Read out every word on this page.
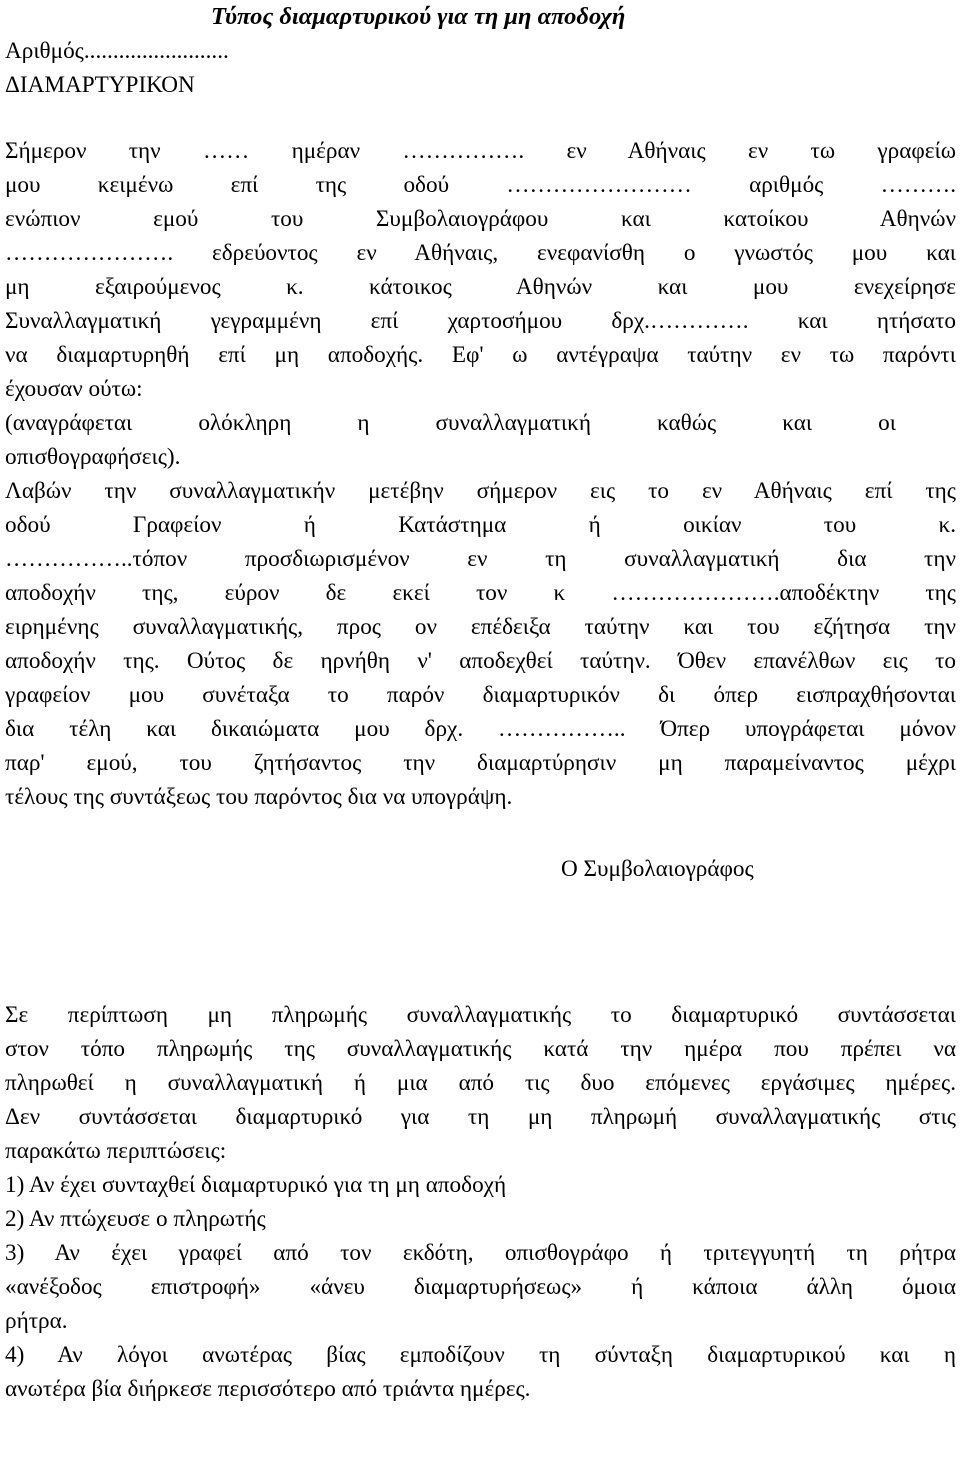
Τύπος διαμαρτυρικού για τη μη αποδοχή
Αριθμός.........................
ΔΙΑΜΑΡΤΥΡΙΚΟΝ
Σήμερον την …… ημέραν ……………. εν Αθήναις εν τω γραφείω
μου κειμένω επί της οδού …………………… αριθμός ……….
ενώπιον εμού του Συμβολαιογράφου και κατοίκου Αθηνών
…………………. εδρεύοντος εν Αθήναις, ενεφανίσθη ο γνωστός μου και
μη εξαιρούμενος κ. κάτοικος Αθηνών και μου ενεχείρησε
Συναλλαγματική γεγραμμένη επί χαρτοσήμου δρχ.…………. και ητήσατο
να διαμαρτυρηθή επί μη αποδοχής. Εφ' ω αντέγραψα ταύτην εν τω παρόντι
έχουσαν ούτω:
(αναγράφεται ολόκληρη η συναλλαγματική καθώς και οι
οπισθογραφήσεις).
Λαβών την συναλλαγματικήν μετέβην σήμερον εις το εν Αθήναις επί της
οδού Γραφείον ή Κατάστημα ή οικίαν του κ.
……………..τόπον προσδιωρισμένον εν τη συναλλαγματική δια την
αποδοχήν της, εύρον δε εκεί τον κ ………………….αποδέκτην της
ειρημένης συναλλαγματικής, προς ον επέδειξα ταύτην και του εζήτησα την
αποδοχήν της. Ούτος δε ηρνήθη ν' αποδεχθεί ταύτην. Όθεν επανέλθων εις το
γραφείον μου συνέταξα το παρόν διαμαρτυρικόν δι όπερ εισπραχθήσονται
δια τέλη και δικαιώματα μου δρχ. …………….. Όπερ υπογράφεται μόνον
παρ' εμού, του ζητήσαντος την διαμαρτύρησιν μη παραμείναντος μέχρι
τέλους της συντάξεως του παρόντος δια να υπογράψη.
Ο Συμβολαιογράφος
Σε περίπτωση μη πληρωμής συναλλαγματικής το διαμαρτυρικό συντάσσεται
στον τόπο πληρωμής της συναλλαγματικής κατά την ημέρα που πρέπει να
πληρωθεί η συναλλαγματική ή μια από τις δυο επόμενες εργάσιμες ημέρες.
Δεν συντάσσεται διαμαρτυρικό για τη μη πληρωμή συναλλαγματικής στις
παρακάτω περιπτώσεις:
1) Αν έχει συνταχθεί διαμαρτυρικό για τη μη αποδοχή
2) Αν πτώχευσε ο πληρωτής
3) Αν έχει γραφεί από τον εκδότη, οπισθογράφο ή τριτεγγυητή τη ρήτρα
«ανέξοδος επιστροφή» «άνευ διαμαρτυρήσεως» ή κάποια άλλη όμοια
ρήτρα.
4) Αν λόγοι ανωτέρας βίας εμποδίζουν τη σύνταξη διαμαρτυρικού και η
ανωτέρα βία διήρκεσε περισσότερο από τριάντα ημέρες.
